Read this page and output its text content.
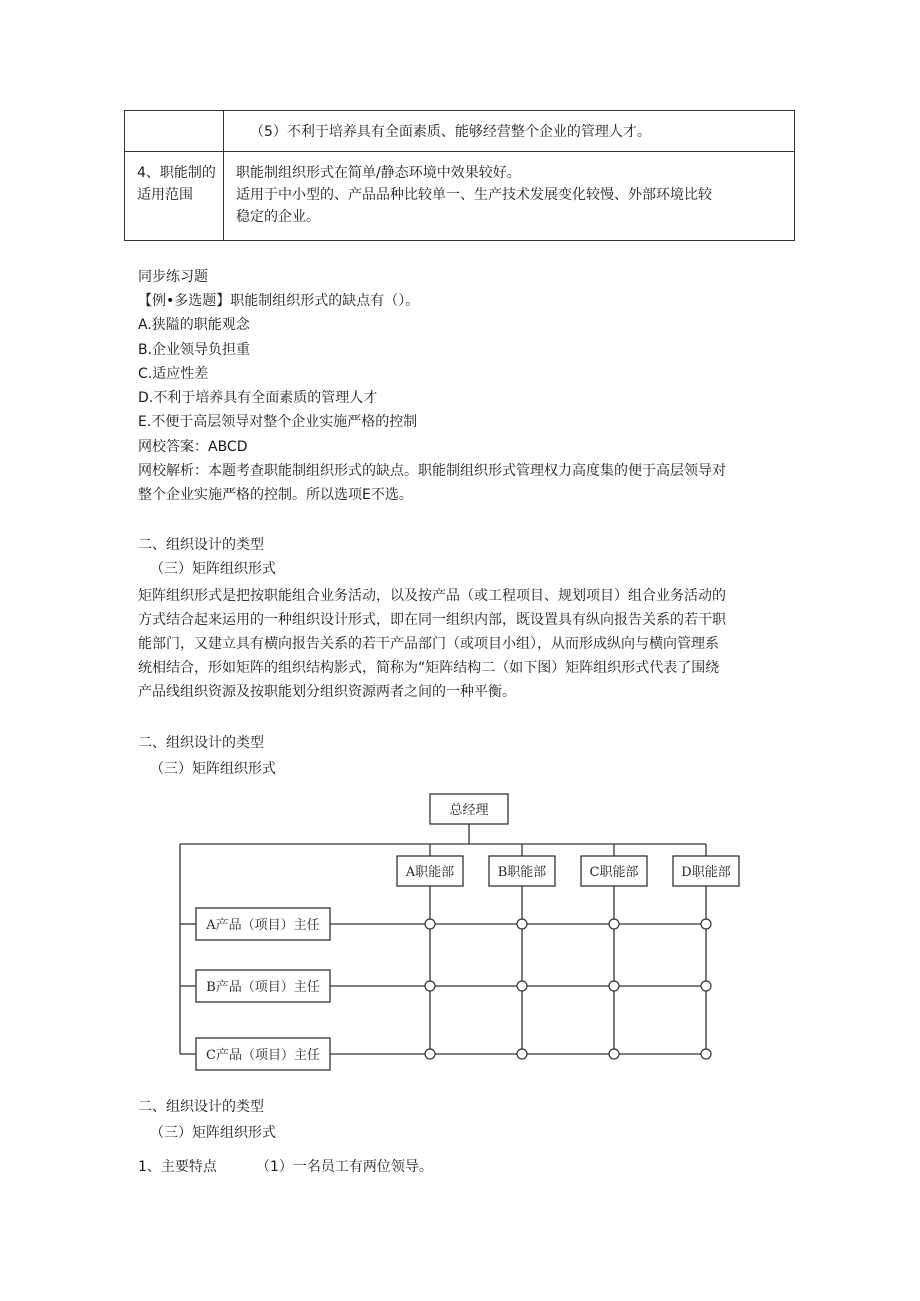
	（5）不利于培养具有全面素质、能够经营整个企业的管理人才。

4、职能制的适用范围	职能制组织形式在简单/静态环境中效果较好。
适用于中小型的、产品品种比较单一、生产技术发展变化较慢、外部环境比较
稳定的企业。
同步练习题
【例•多选题】职能制组织形式的缺点有（）。
A.狭隘的职能观念
B.企业领导负担重
C.适应性差
D.不利于培养具有全面素质的管理人才
E.不便于高层领导对整个企业实施严格的控制
网校答案：ABCD
网校解析：本题考查职能制组织形式的缺点。职能制组织形式管理权力高度集的便于高层领导对
整个企业实施严格的控制。所以选项E不选。
二、组织设计的类型
（三）矩阵组织形式
矩阵组织形式是把按职能组合业务活动，以及按产品（或工程项目、规划项目）组合业务活动的
方式结合起来运用的一种组织设计形式，即在同一组织内部，既设置具有纵向报告关系的若干职
能部门，又建立具有横向报告关系的若干产品部门（或项目小组），从而形成纵向与横向管理系
统相结合，形如矩阵的组织结构影式，简称为“矩阵结构二（如下图）矩阵组织形式代表了围绕
产品线组织资源及按职能划分组织资源两者之间的一种平衡。
二、组织设计的类型
（三）矩阵组织形式
总经理
A职能部	B职能部	C职能部	D职能部
A产品（项目）主任
B产品（项目）主任
C产品（项目）主任
二、组织设计的类型
（三）矩阵组织形式
1、主要特点	（1）一名员工有两位领导。
